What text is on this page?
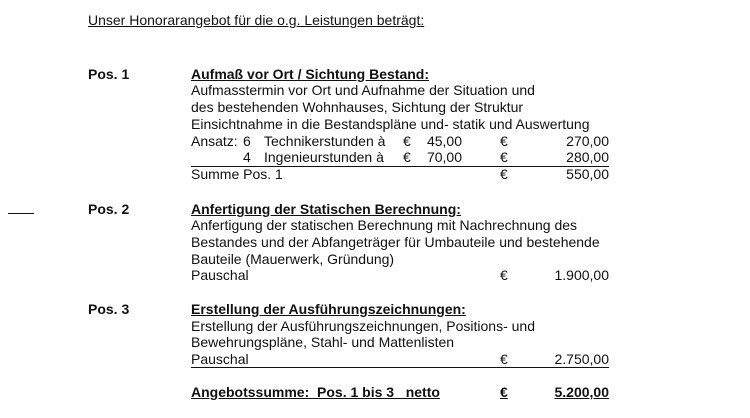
Unser Honorarangebot für die o.g. Leistungen beträgt:
Pos. 1	Aufmaß vor Ort / Sichtung Bestand:
Aufmasstermin vor Ort und Aufnahme der Situation und
des bestehenden Wohnhauses, Sichtung der Struktur
Einsichtnahme in die Bestandspläne und- statik und Auswertung
Ansatz: 6 Technikerstunden à €	45,00	€	270,00
4 Ingenieurstunden à €	70,00	€	280,00
Summe Pos. 1	€	550,00
Pos. 2	Anfertigung der Statischen Berechnung:
Anfertigung der statischen Berechnung mit Nachrechnung des
Bestandes und der Abfangeträger für Umbauteile und bestehende
Bauteile (Mauerwerk, Gründung)
Pauschal	€	1.900,00
Pos. 3	Erstellung der Ausführungszeichnungen:
Erstellung der Ausführungszeichnungen, Positions- und
Bewehrungspläne, Stahl- und Mattenlisten
Pauschal	€	2.750,00
Angebotssumme:  Pos. 1 bis 3   netto	€	5.200,00
